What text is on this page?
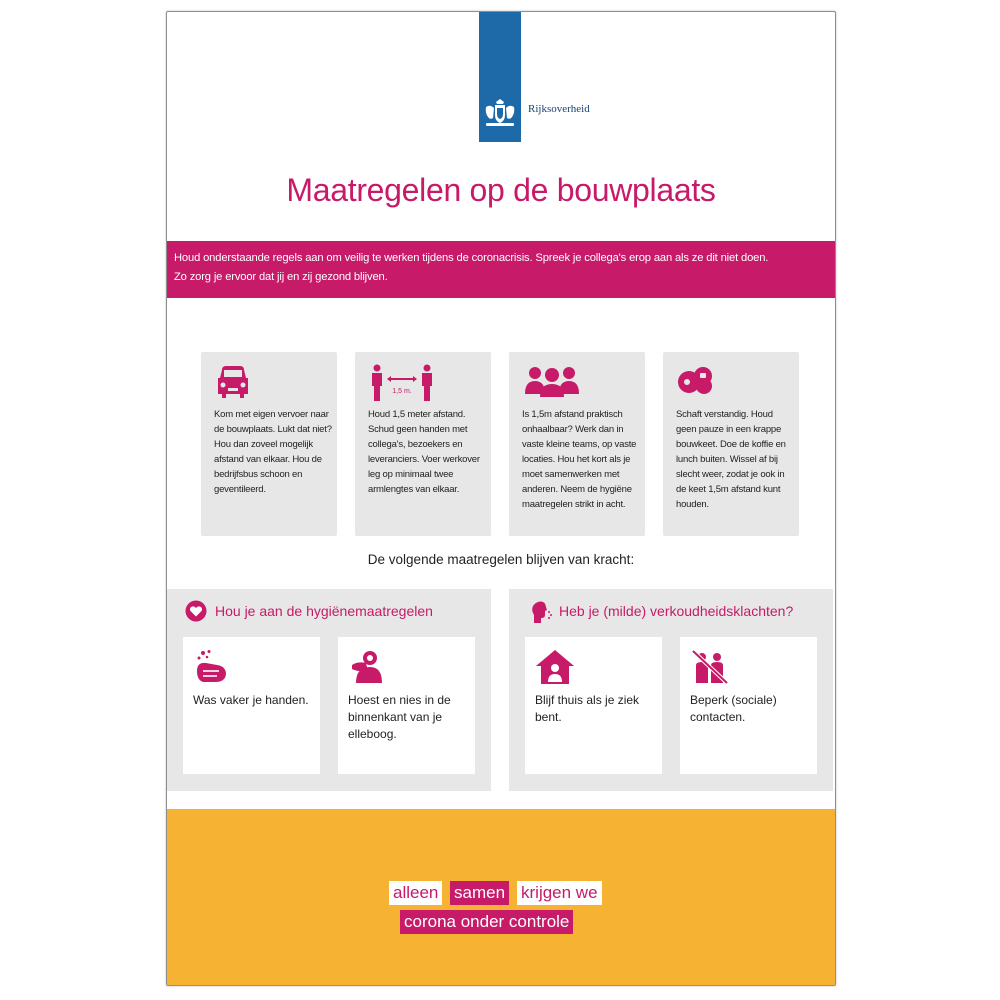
Rijksoverheid
Maatregelen op de bouwplaats
Houd onderstaande regels aan om veilig te werken tijdens de coronacrisis. Spreek je collega's erop aan als ze dit niet doen.
Zo zorg je ervoor dat jij en zij gezond blijven.
Kom met eigen vervoer naar de bouwplaats. Lukt dat niet? Hou dan zoveel mogelijk afstand van elkaar. Hou de bedrijfsbus schoon en geventileerd.
1,5 m.
Houd 1,5 meter afstand. Schud geen handen met collega's, bezoekers en leveranciers. Voer werkover leg op minimaal twee armlengtes van elkaar.
Is 1,5m afstand praktisch onhaalbaar? Werk dan in vaste kleine teams, op vaste locaties. Hou het kort als je moet samenwerken met anderen. Neem de hygiëne maatregelen strikt in acht.
Schaft verstandig. Houd geen pauze in een krappe bouwkeet. Doe de koffie en lunch buiten. Wissel af bij slecht weer, zodat je ook in de keet 1,5m afstand kunt houden.
De volgende maatregelen blijven van kracht:
Hou je aan de hygiënemaatregelen
Was vaker je handen.	Hoest en nies in de binnenkant van je elleboog.
Heb je (milde) verkoudheidsklachten?
Blijf thuis als je ziek bent.
Beperk (sociale) contacten.
alleen samen krijgen we
corona onder controle
